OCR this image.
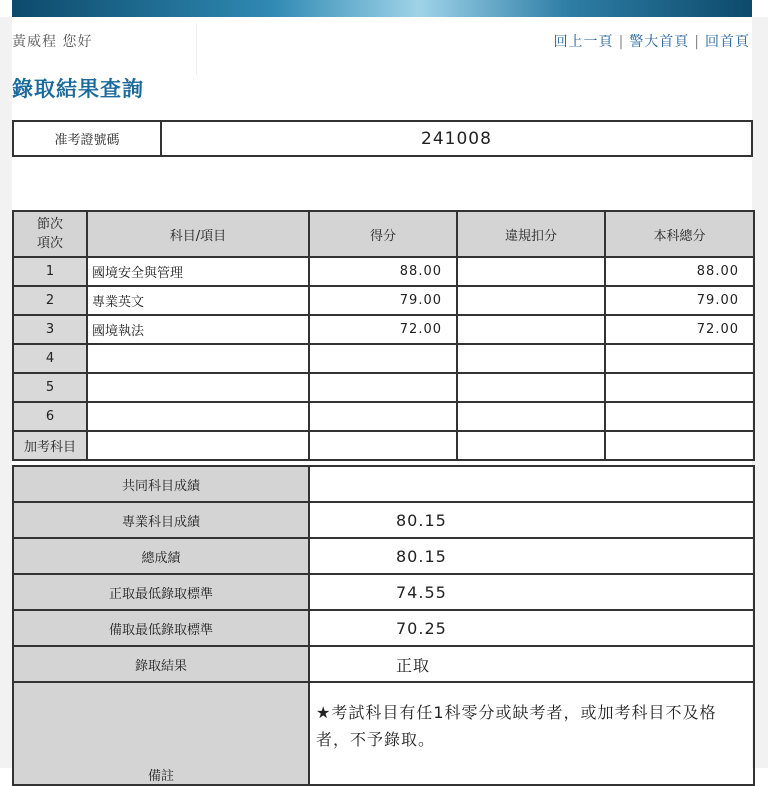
黃威程 您好	回上一頁 | 警大首頁 | 回首頁
錄取結果查詢
准考證號碼	241008
節次
項次	科目/項目	得分	違規扣分	本科總分
1	國境安全與管理	88.00		88.00
2	專業英文	79.00		79.00
3	國境執法	72.00		72.00
4				
5				
6				
加考科目				
共同科目成績	
專業科目成績	80.15
總成績	80.15
正取最低錄取標準	74.55
備取最低錄取標準	70.25
錄取結果	正取
備註	★考試科目有任1科零分或缺考者，或加考科目不及格者，不予錄取。
